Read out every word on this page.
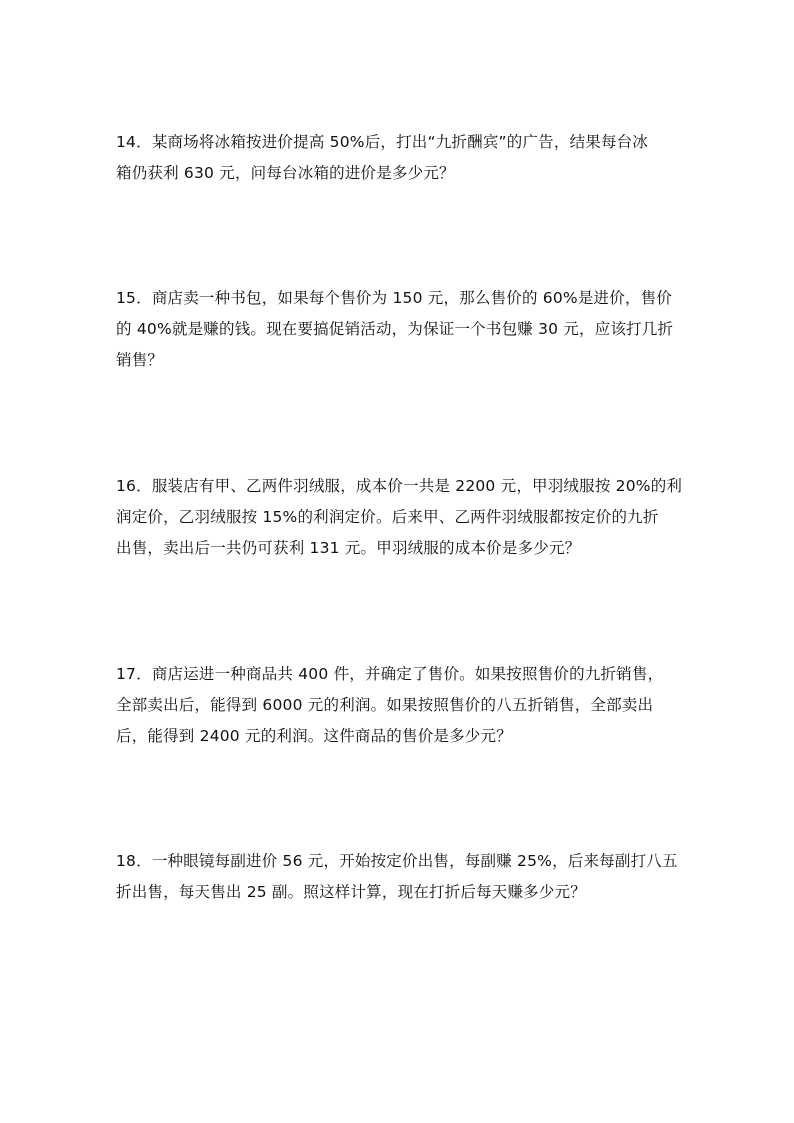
14．某商场将冰箱按进价提高 50%后，打出“九折酬宾”的广告，结果每台冰
箱仍获利 630 元，问每台冰箱的进价是多少元？
15．商店卖一种书包，如果每个售价为 150 元，那么售价的 60%是进价，售价
的 40%就是赚的钱。现在要搞促销活动，为保证一个书包赚 30 元，应该打几折
销售？
16．服装店有甲、乙两件羽绒服，成本价一共是 2200 元，甲羽绒服按 20%的利
润定价，乙羽绒服按 15%的利润定价。后来甲、乙两件羽绒服都按定价的九折
出售，卖出后一共仍可获利 131 元。甲羽绒服的成本价是多少元？
17．商店运进一种商品共 400 件，并确定了售价。如果按照售价的九折销售，
全部卖出后，能得到 6000 元的利润。如果按照售价的八五折销售，全部卖出
后，能得到 2400 元的利润。这件商品的售价是多少元？
18．一种眼镜每副进价 56 元，开始按定价出售，每副赚 25%，后来每副打八五
折出售，每天售出 25 副。照这样计算，现在打折后每天赚多少元？
